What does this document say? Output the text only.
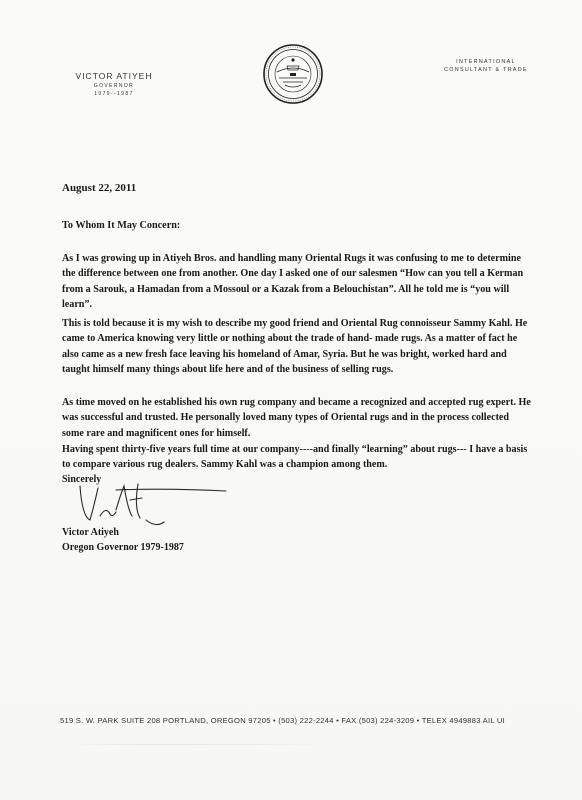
VICTOR ATIYEH
GOVERNOR
1979--1987
INTERNATIONAL
CONSULTANT & TRADE
August 22, 2011
To Whom It May Concern:

As I was growing up in Atiyeh Bros. and handling many Oriental Rugs it was confusing to me to determine the difference between one from another. One day I asked one of our salesmen “How can you tell a Kerman from a Sarouk, a Hamadan from a Mossoul or a Kazak from a Belouchistan”. All he told me is “you will learn”.

This is told because it is my wish to describe my good friend and Oriental Rug connoisseur Sammy Kahl. He came to America knowing very little or nothing about the trade of hand- made rugs. As a matter of fact he also came as a new fresh face leaving his homeland of Amar, Syria. But he was bright, worked hard and taught himself many things about life here and of the business of selling rugs.

As time moved on he established his own rug company and became a recognized and accepted rug expert. He was successful and trusted. He personally loved many types of Oriental rugs and in the process collected some rare and magnificent ones for himself.

Having spent thirty-five years full time at our company----and finally “learning” about rugs--- I have a basis to compare various rug dealers. Sammy Kahl was a champion among them.

Sincerely
Victor Atiyeh
Oregon Governor 1979-1987
519 S. W. PARK SUITE 208 PORTLAND, OREGON 97205 • (503) 222-2244 • FAX (503) 224-3209 • TELEX 4949883 AIL UI
